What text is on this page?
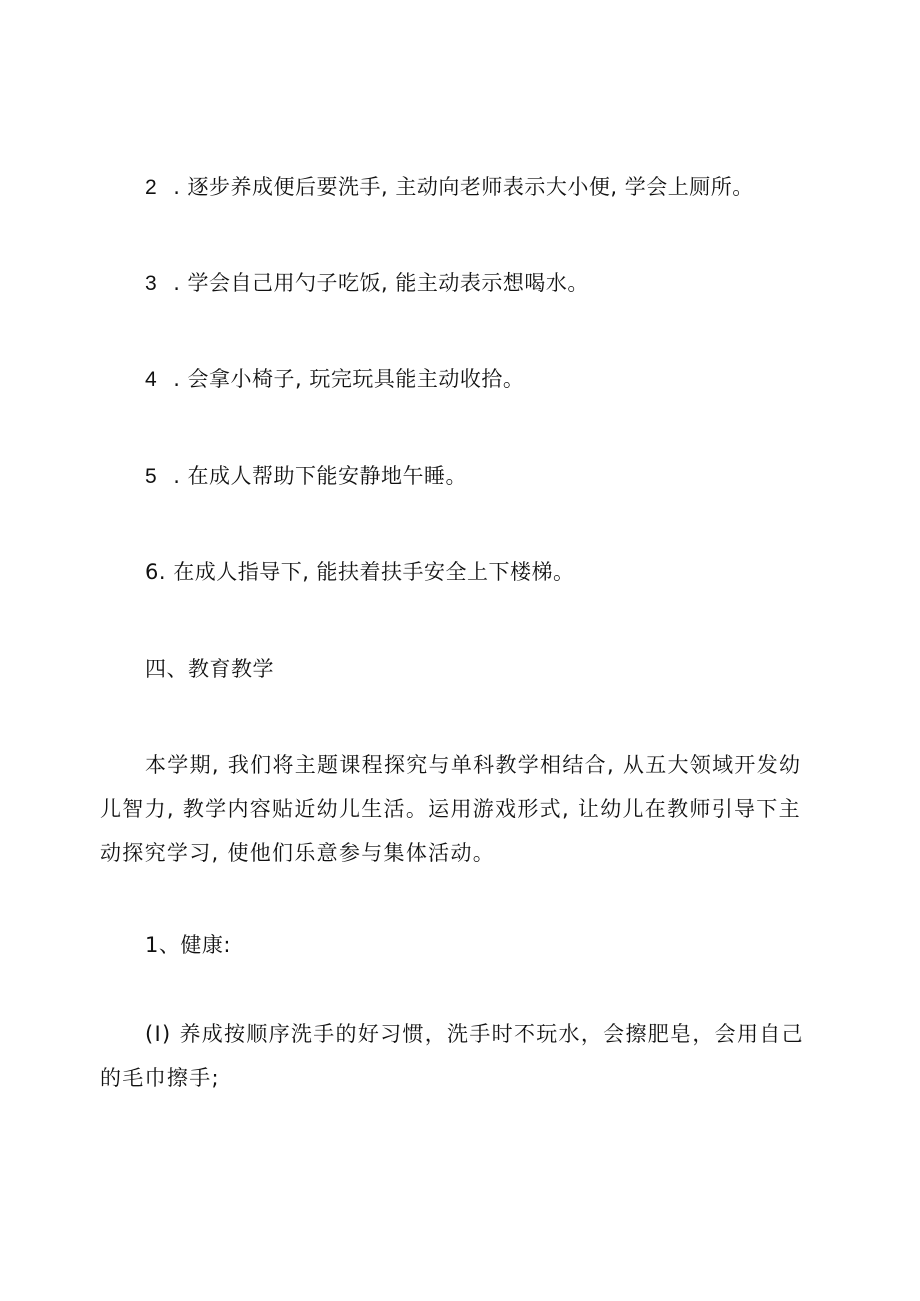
2 . 逐步养成便后要洗手, 主动向老师表示大小便, 学会上厕所。
3 . 学会自己用勺子吃饭, 能主动表示想喝水。
4 . 会拿小椅子, 玩完玩具能主动收拾。
5 . 在成人帮助下能安静地午睡。
6. 在成人指导下, 能扶着扶手安全上下楼梯。
四、教育教学
本学期, 我们将主题课程探究与单科教学相结合, 从五大领域开发幼儿智力, 教学内容贴近幼儿生活。运用游戏形式, 让幼儿在教师引导下主动探究学习, 使他们乐意参与集体活动。
1、健康:
(I) 养成按顺序洗手的好习惯，洗手时不玩水，会擦肥皂，会用自己的毛巾擦手;
